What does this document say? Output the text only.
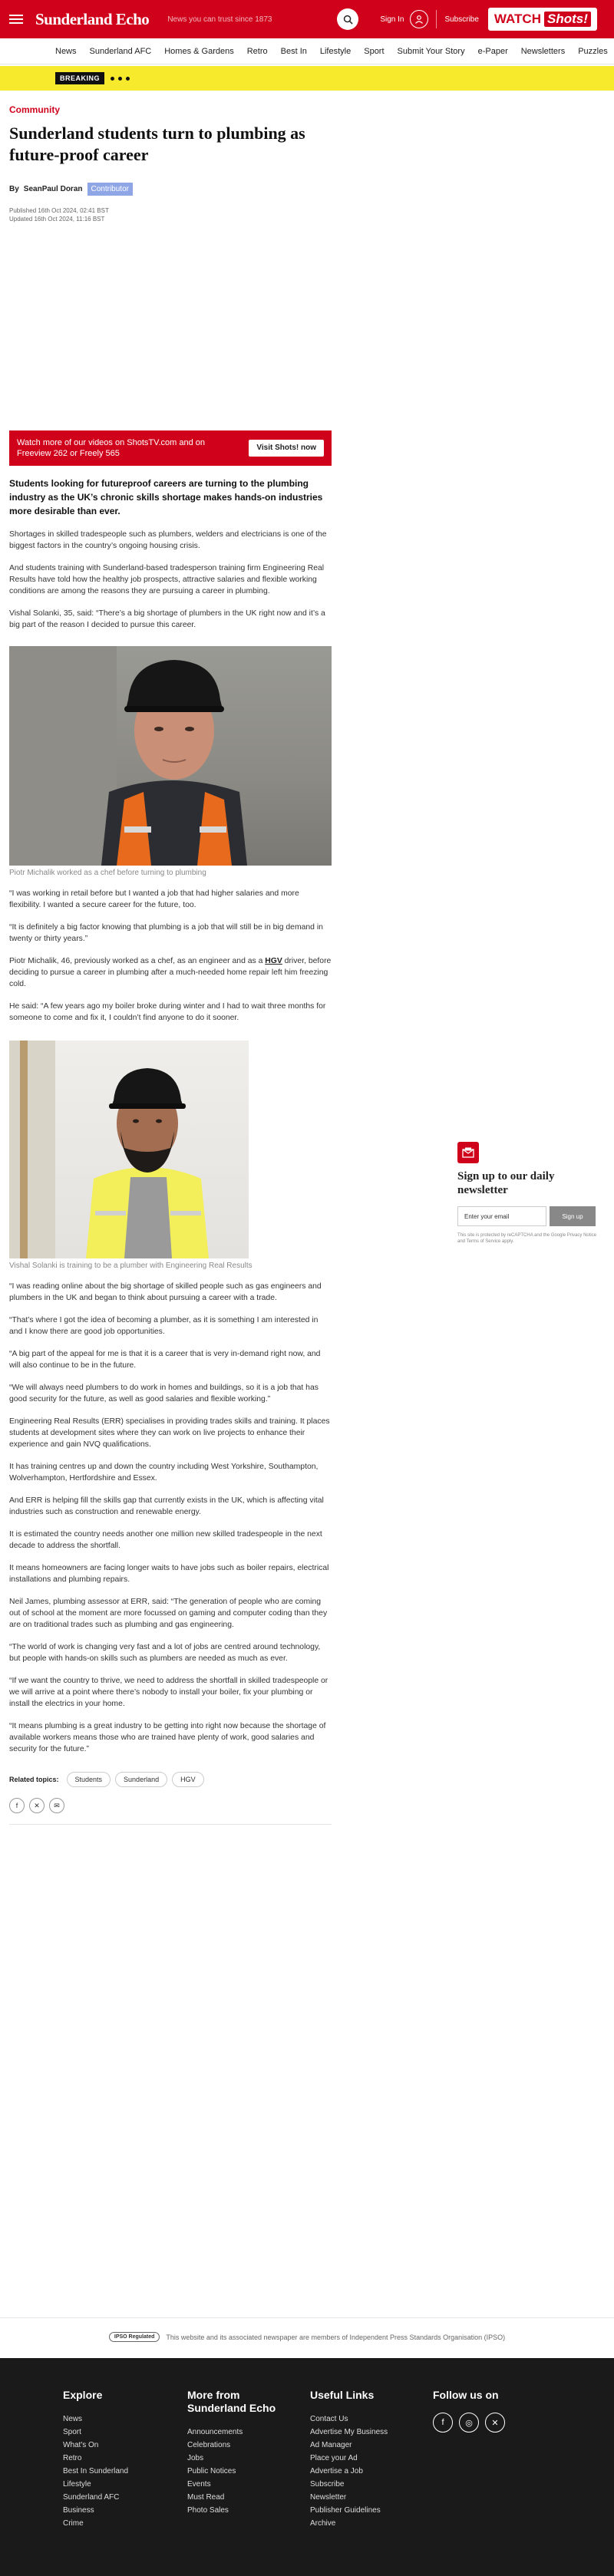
Sunderland Echo	News you can trust since 1873	Sign In	Subscribe WATCH Shots!
News Sunderland AFC Homes & Gardens Retro Best In Lifestyle Sport Submit Your Story e-Paper Newsletters Puzzles
BREAKING
Community
Sunderland students turn to plumbing as future-proof career
By SeanPaul Doran	Contributor
Published 16th Oct 2024, 02:41 BST
Updated 16th Oct 2024, 11:16 BST
Watch more of our videos on ShotsTV.com and on Freeview 262 or Freely 565
Visit Shots! now

Students looking for futureproof careers are turning to the plumbing industry as the UK’s chronic skills shortage makes hands-on industries more desirable than ever.

Shortages in skilled tradespeople such as plumbers, welders and electricians is one of the biggest factors in the country’s ongoing housing crisis.

And students training with Sunderland-based tradesperson training firm Engineering Real Results have told how the healthy job prospects, attractive salaries and flexible working conditions are among the reasons they are pursuing a career in plumbing.

Vishal Solanki, 35, said: “There’s a big shortage of plumbers in the UK right now and it’s a big part of the reason I decided to pursue this career.

Piotr Michalik worked as a chef before turning to plumbing

“I was working in retail before but I wanted a job that had higher salaries and more flexibility. I wanted a secure career for the future, too.

“It is definitely a big factor knowing that plumbing is a job that will still be in big demand in twenty or thirty years.”

Piotr Michalik, 46, previously worked as a chef, as an engineer and as a HGV driver, before deciding to pursue a career in plumbing after a much-needed home repair left him freezing cold.

He said: “A few years ago my boiler broke during winter and I had to wait three months for someone to come and fix it, I couldn’t find anyone to do it sooner.

Vishal Solanki is training to be a plumber with Engineering Real Results

“I was reading online about the big shortage of skilled people such as gas engineers and plumbers in the UK and began to think about pursuing a career with a trade.

“That’s where I got the idea of becoming a plumber, as it is something I am interested in and I know there are good job opportunities.

“A big part of the appeal for me is that it is a career that is very in-demand right now, and will also continue to be in the future.

“We will always need plumbers to do work in homes and buildings, so it is a job that has good security for the future, as well as good salaries and flexible working.”

Engineering Real Results (ERR) specialises in providing trades skills and training. It places students at development sites where they can work on live projects to enhance their experience and gain NVQ qualifications.

It has training centres up and down the country including West Yorkshire, Southampton, Wolverhampton, Hertfordshire and Essex.

And ERR is helping fill the skills gap that currently exists in the UK, which is affecting vital industries such as construction and renewable energy.

It is estimated the country needs another one million new skilled tradespeople in the next decade to address the shortfall.

It means homeowners are facing longer waits to have jobs such as boiler repairs, electrical installations and plumbing repairs.

Neil James, plumbing assessor at ERR, said: “The generation of people who are coming out of school at the moment are more focussed on gaming and computer coding than they are on traditional trades such as plumbing and gas engineering.

“The world of work is changing very fast and a lot of jobs are centred around technology, but people with hands-on skills such as plumbers are needed as much as ever.

“If we want the country to thrive, we need to address the shortfall in skilled tradespeople or we will arrive at a point where there’s nobody to install your boiler, fix your plumbing or install the electrics in your home.

“It means plumbing is a great industry to be getting into right now because the shortage of available workers means those who are trained have plenty of work, good salaries and security for the future.”

Related topics:	Students	Sunderland	HGV
f	✕	✉
Sign up to our daily newsletter
Enter your email	Sign up
This site is protected by reCAPTCHA and the Google Privacy Notice and Terms of Service apply.
IPSO Regulated	This website and its associated newspaper are members of Independent Press Standards Organisation (IPSO)
Explore
News
Sport
What's On
Retro
Best In Sunderland
Lifestyle
Sunderland AFC
Business
Crime
More from Sunderland Echo
Announcements
Celebrations
Jobs
Public Notices
Events
Must Read
Photo Sales
Useful Links
Contact Us
Advertise My Business
Ad Manager
Place your Ad
Advertise a Job
Subscribe
Newsletter
Publisher Guidelines
Archive
Follow us on
f	◎	✕
